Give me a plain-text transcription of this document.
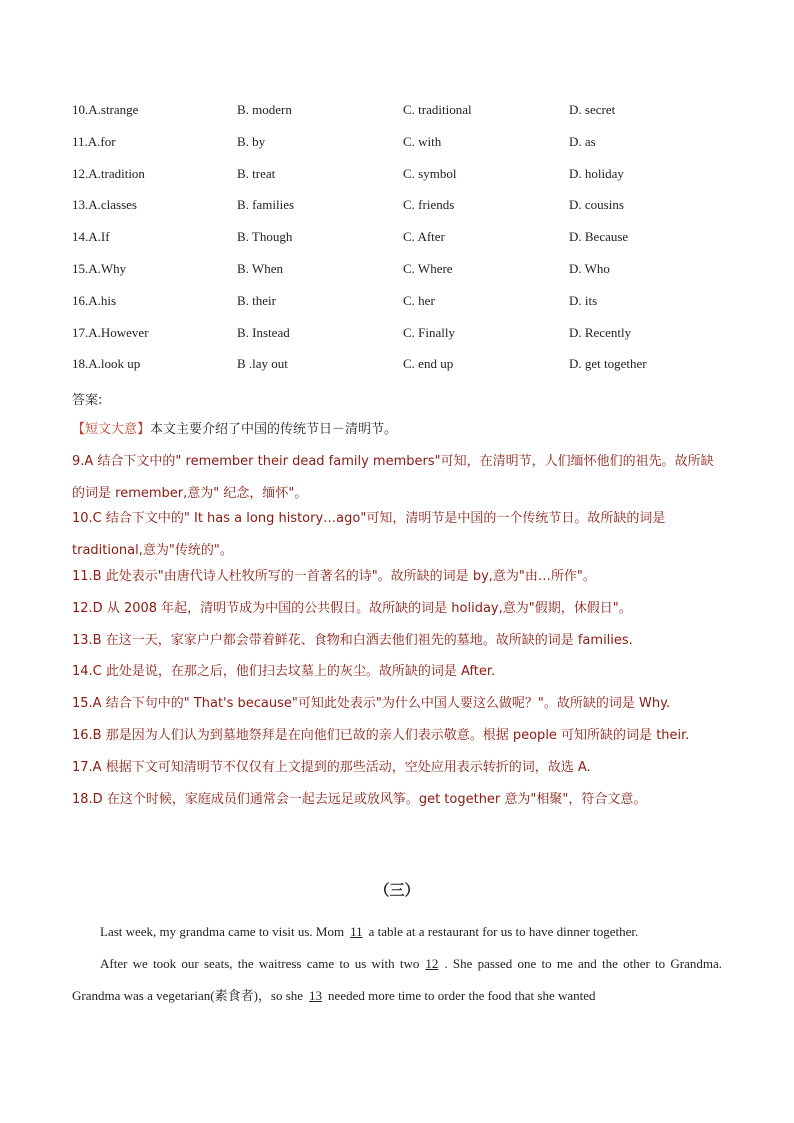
10.A.strange	B. modern	C. traditional	D. secret
11.A.for	B. by	C. with	D. as
12.A.tradition	B. treat	C. symbol	D. holiday
13.A.classes	B. families	C. friends	D. cousins
14.A.If	B. Though	C. After	D. Because
15.A.Why	B. When	C. Where	D. Who
16.A.his	B. their	C. her	D. its
17.A.However	B. Instead	C. Finally	D. Recently
18.A.look up	B .lay out	C. end up	D. get together
答案:
【短文大意】本文主要介绍了中国的传统节日－清明节。
9.A 结合下文中的" remember their dead family members"可知，在清明节，人们缅怀他们的祖先。故所缺的词是 remember,意为" 纪念，缅怀"。
10.C 结合下文中的" It has a long history…ago"可知，清明节是中国的一个传统节日。故所缺的词是 traditional,意为"传统的"。
11.B 此处表示"由唐代诗人杜牧所写的一首著名的诗"。故所缺的词是 by,意为"由…所作"。
12.D 从 2008 年起，清明节成为中国的公共假日。故所缺的词是 holiday,意为"假期，休假日"。
13.B 在这一天，家家户户都会带着鲜花、食物和白酒去他们祖先的墓地。故所缺的词是 families.
14.C 此处是说，在那之后，他们扫去坟墓上的灰尘。故所缺的词是 After.
15.A 结合下句中的" That's because"可知此处表示"为什么中国人要这么做呢？"。故所缺的词是 Why.
16.B 那是因为人们认为到墓地祭拜是在向他们已故的亲人们表示敬意。根据 people 可知所缺的词是 their.
17.A 根据下文可知清明节不仅仅有上文提到的那些活动，空处应用表示转折的词，故选 A.
18.D 在这个时候，家庭成员们通常会一起去远足或放风筝。get together 意为"相聚"，符合文意。
（三）

Last week, my grandma came to visit us. Mom 11 a table at a restaurant for us to have dinner together.

After we took our seats, the waitress came to us with two 12 . She passed one to me and the other to Grandma. Grandma was a vegetarian(素食者)，so she 13 needed more time to order the food that she wanted
